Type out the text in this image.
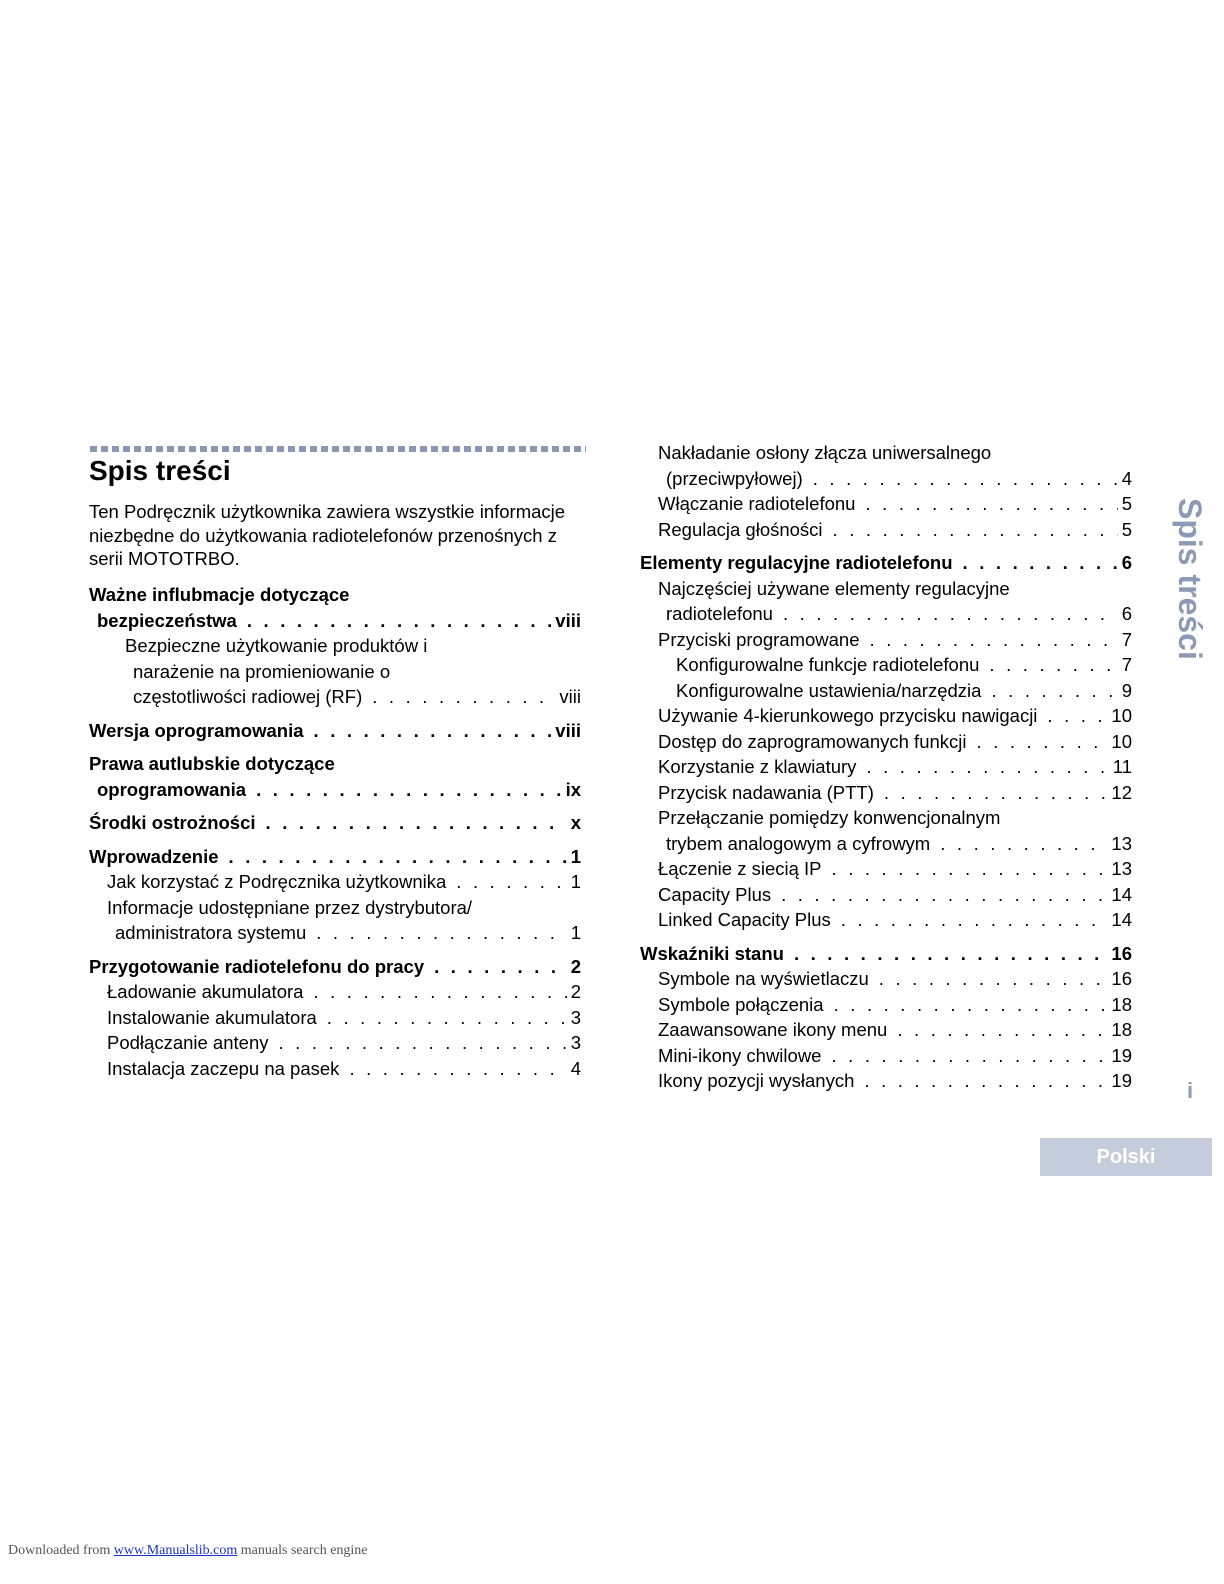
Spis treści

Ten Podręcznik użytkownika zawiera wszystkie informacje niezbędne do użytkowania radiotelefonów przenośnych z serii MOTOTRBO.

Ważne influbmacje dotyczące
bezpieczeństwa . . .	viii
Bezpieczne użytkowanie produktów i
narażenie na promieniowanie o
częstotliwości radiowej (RF) . . .	viii
Wersja oprogramowania . . .	viii
Prawa autlubskie dotyczące
oprogramowania . . .	ix
Środki ostrożności . . .	x
Wprowadzenie . . .	1
Jak korzystać z Podręcznika użytkownika . . .	1
Informacje udostępniane przez dystrybutora/
administratora systemu . . .	1
Przygotowanie radiotelefonu do pracy . . .	2
Ładowanie akumulatora . . .	2
Instalowanie akumulatora . . .	3
Podłączanie anteny . . .	3
Instalacja zaczepu na pasek . . .	4
Nakładanie osłony złącza uniwersalnego
(przeciwpyłowej) . . .	4
Włączanie radiotelefonu . . .	5
Regulacja głośności . . .	5
Elementy regulacyjne radiotelefonu . . .	6
Najczęściej używane elementy regulacyjne
radiotelefonu . . .	6
Przyciski programowane . . .	7
Konfigurowalne funkcje radiotelefonu . . .	7
Konfigurowalne ustawienia/narzędzia . . .	9
Używanie 4-kierunkowego przycisku nawigacji . . .	10
Dostęp do zaprogramowanych funkcji . . .	10
Korzystanie z klawiatury . . .	11
Przycisk nadawania (PTT) . . .	12
Przełączanie pomiędzy konwencjonalnym
trybem analogowym a cyfrowym . . .	13
Łączenie z siecią IP . . .	13
Capacity Plus . . .	14
Linked Capacity Plus . . .	14
Wskaźniki stanu . . .	16
Symbole na wyświetlaczu . . .	16
Symbole połączenia . . .	18
Zaawansowane ikony menu . . .	18
Mini-ikony chwilowe . . .	19
Ikony pozycji wysłanych . . .	19
Spis treści
i
Polski
Downloaded from www.Manualslib.com manuals search engine
